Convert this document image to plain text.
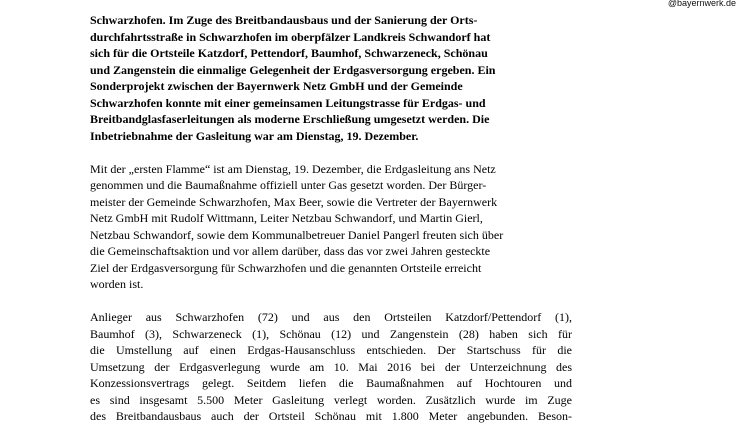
@bayernwerk.de
Schwarzhofen. Im Zuge des Breitbandausbaus und der Sanierung der Orts-
durchfahrtsstraße in Schwarzhofen im oberpfälzer Landkreis Schwandorf hat
sich für die Ortsteile Katzdorf, Pettendorf, Baumhof, Schwarzeneck, Schönau
und Zangenstein die einmalige Gelegenheit der Erdgasversorgung ergeben. Ein
Sonderprojekt zwischen der Bayernwerk Netz GmbH und der Gemeinde
Schwarzhofen konnte mit einer gemeinsamen Leitungstrasse für Erdgas- und
Breitbandglasfaserleitungen als moderne Erschließung umgesetzt werden. Die
Inbetriebnahme der Gasleitung war am Dienstag, 19. Dezember.
Mit der „ersten Flamme“ ist am Dienstag, 19. Dezember, die Erdgasleitung ans Netz
genommen und die Baumaßnahme offiziell unter Gas gesetzt worden. Der Bürger-
meister der Gemeinde Schwarzhofen, Max Beer, sowie die Vertreter der Bayernwerk
Netz GmbH mit Rudolf Wittmann, Leiter Netzbau Schwandorf, und Martin Gierl,
Netzbau Schwandorf, sowie dem Kommunalbetreuer Daniel Pangerl freuten sich über
die Gemeinschaftsaktion und vor allem darüber, dass das vor zwei Jahren gesteckte
Ziel der Erdgasversorgung für Schwarzhofen und die genannten Ortsteile erreicht
worden ist.
Anlieger aus Schwarzhofen (72) und aus den Ortsteilen Katzdorf/Pettendorf (1),
Baumhof (3), Schwarzeneck (1), Schönau (12) und Zangenstein (28) haben sich für
die Umstellung auf einen Erdgas-Hausanschluss entschieden. Der Startschuss für die
Umsetzung der Erdgasverlegung wurde am 10. Mai 2016 bei der Unterzeichnung des
Konzessionsvertrags gelegt. Seitdem liefen die Baumaßnahmen auf Hochtouren und
es sind insgesamt 5.500 Meter Gasleitung verlegt worden. Zusätzlich wurde im Zuge
des Breitbandausbaus auch der Ortsteil Schönau mit 1.800 Meter angebunden. Beson-
